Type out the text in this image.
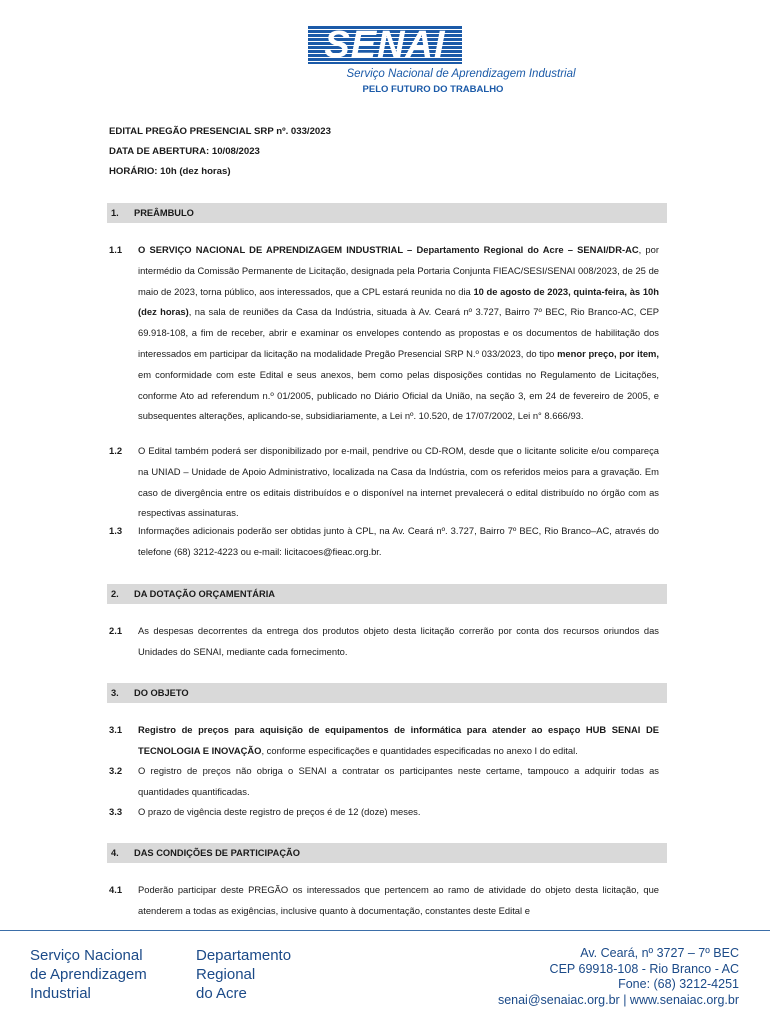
SENAI
Serviço Nacional de Aprendizagem Industrial
PELO FUTURO DO TRABALHO
EDITAL PREGÃO PRESENCIAL SRP nº. 033/2023
DATA DE ABERTURA: 10/08/2023
HORÁRIO: 10h (dez horas)
1. PREÂMBULO
1.1 O SERVIÇO NACIONAL DE APRENDIZAGEM INDUSTRIAL – Departamento Regional do Acre – SENAI/DR-AC, por intermédio da Comissão Permanente de Licitação, designada pela Portaria Conjunta FIEAC/SESI/SENAI 008/2023, de 25 de maio de 2023, torna público, aos interessados, que a CPL estará reunida no dia 10 de agosto de 2023, quinta-feira, às 10h (dez horas), na sala de reuniões da Casa da Indústria, situada à Av. Ceará nº 3.727, Bairro 7º BEC, Rio Branco-AC, CEP 69.918-108, a fim de receber, abrir e examinar os envelopes contendo as propostas e os documentos de habilitação dos interessados em participar da licitação na modalidade Pregão Presencial SRP N.º 033/2023, do tipo menor preço, por item, em conformidade com este Edital e seus anexos, bem como pelas disposições contidas no Regulamento de Licitações, conforme Ato ad referendum n.º 01/2005, publicado no Diário Oficial da União, na seção 3, em 24 de fevereiro de 2005, e subsequentes alterações, aplicando-se, subsidiariamente, a Lei nº. 10.520, de 17/07/2002, Lei n° 8.666/93.
1.2 O Edital também poderá ser disponibilizado por e-mail, pendrive ou CD-ROM, desde que o licitante solicite e/ou compareça na UNIAD – Unidade de Apoio Administrativo, localizada na Casa da Indústria, com os referidos meios para a gravação. Em caso de divergência entre os editais distribuídos e o disponível na internet prevalecerá o edital distribuído no órgão com as respectivas assinaturas.
1.3 Informações adicionais poderão ser obtidas junto à CPL, na Av. Ceará nº. 3.727, Bairro 7º BEC, Rio Branco–AC, através do telefone (68) 3212-4223 ou e-mail: licitacoes@fieac.org.br.
2. DA DOTAÇÃO ORÇAMENTÁRIA
2.1 As despesas decorrentes da entrega dos produtos objeto desta licitação correrão por conta dos recursos oriundos das Unidades do SENAI, mediante cada fornecimento.
3. DO OBJETO
3.1 Registro de preços para aquisição de equipamentos de informática para atender ao espaço HUB SENAI DE TECNOLOGIA E INOVAÇÃO, conforme especificações e quantidades especificadas no anexo I do edital.
3.2 O registro de preços não obriga o SENAI a contratar os participantes neste certame, tampouco a adquirir todas as quantidades quantificadas.
3.3 O prazo de vigência deste registro de preços é de 12 (doze) meses.
4. DAS CONDIÇÕES DE PARTICIPAÇÃO
4.1 Poderão participar deste PREGÃO os interessados que pertencem ao ramo de atividade do objeto desta licitação, que atenderem a todas as exigências, inclusive quanto à documentação, constantes deste Edital e
Serviço Nacional
de Aprendizagem
Industrial
Departamento
Regional
do Acre
Av. Ceará, nº 3727 – 7º BEC
CEP 69918-108 - Rio Branco - AC
Fone: (68) 3212-4251
senai@senaiac.org.br | www.senaiac.org.br
